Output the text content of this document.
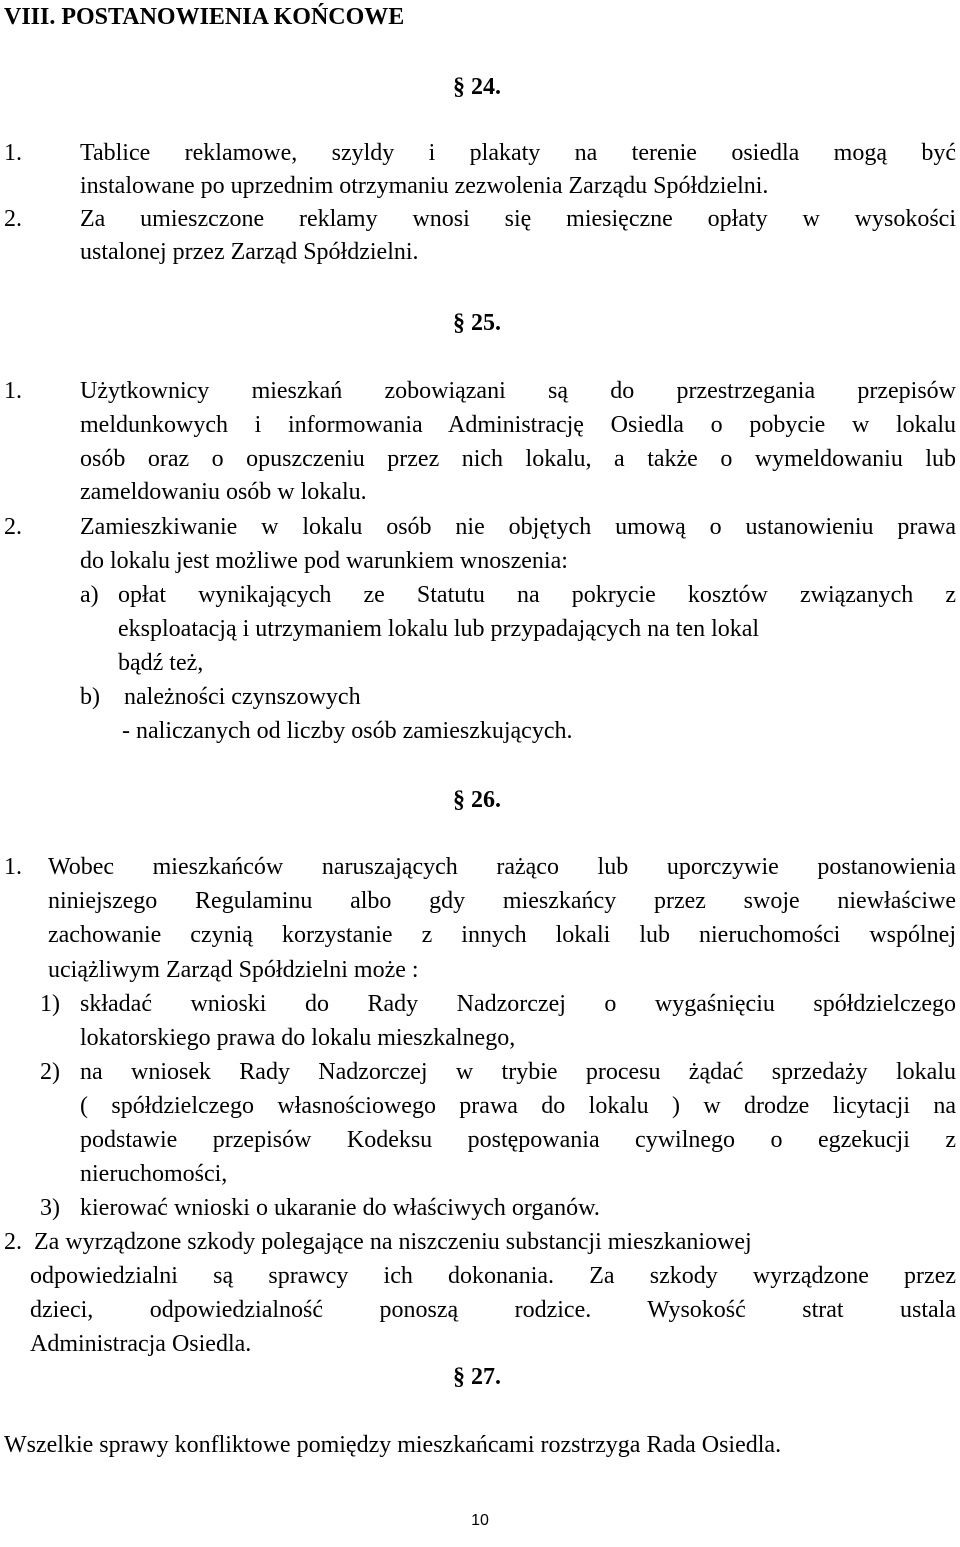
VIII. POSTANOWIENIA KOŃCOWE
§ 24.
1. Tablice reklamowe, szyldy i plakaty na terenie osiedla mogą być
instalowane po uprzednim otrzymaniu zezwolenia Zarządu Spółdzielni.
2. Za umieszczone reklamy wnosi się miesięczne opłaty w wysokości
ustalonej przez Zarząd Spółdzielni.
§ 25.
1. Użytkownicy mieszkań zobowiązani są do przestrzegania przepisów
meldunkowych i informowania Administrację Osiedla o pobycie w lokalu
osób oraz o opuszczeniu przez nich lokalu, a także o wymeldowaniu lub
zameldowaniu osób w lokalu.
2. Zamieszkiwanie w lokalu osób nie objętych umową o ustanowieniu prawa
do lokalu jest możliwe pod warunkiem wnoszenia:
a) opłat wynikających ze Statutu na pokrycie kosztów związanych z
eksploatacją i utrzymaniem lokalu lub przypadających na ten lokal
bądź też,
b) należności czynszowych
- naliczanych od liczby osób zamieszkujących.
§ 26.
1. Wobec mieszkańców naruszających rażąco lub uporczywie postanowienia
niniejszego Regulaminu albo gdy mieszkańcy przez swoje niewłaściwe
zachowanie czynią korzystanie z innych lokali lub nieruchomości wspólnej
uciążliwym Zarząd Spółdzielni może :
1) składać wnioski do Rady Nadzorczej o wygaśnięciu spółdzielczego
lokatorskiego prawa do lokalu mieszkalnego,
2) na wniosek Rady Nadzorczej w trybie procesu żądać sprzedaży lokalu
( spółdzielczego własnościowego prawa do lokalu ) w drodze licytacji na
podstawie przepisów Kodeksu postępowania cywilnego o egzekucji z
nieruchomości,
3) kierować wnioski o ukaranie do właściwych organów.
2. Za wyrządzone szkody polegające na niszczeniu substancji mieszkaniowej
odpowiedzialni są sprawcy ich dokonania. Za szkody wyrządzone przez
dzieci, odpowiedzialność ponoszą rodzice. Wysokość strat ustala
Administracja Osiedla.
§ 27.
Wszelkie sprawy konfliktowe pomiędzy mieszkańcami rozstrzyga Rada Osiedla.
10
